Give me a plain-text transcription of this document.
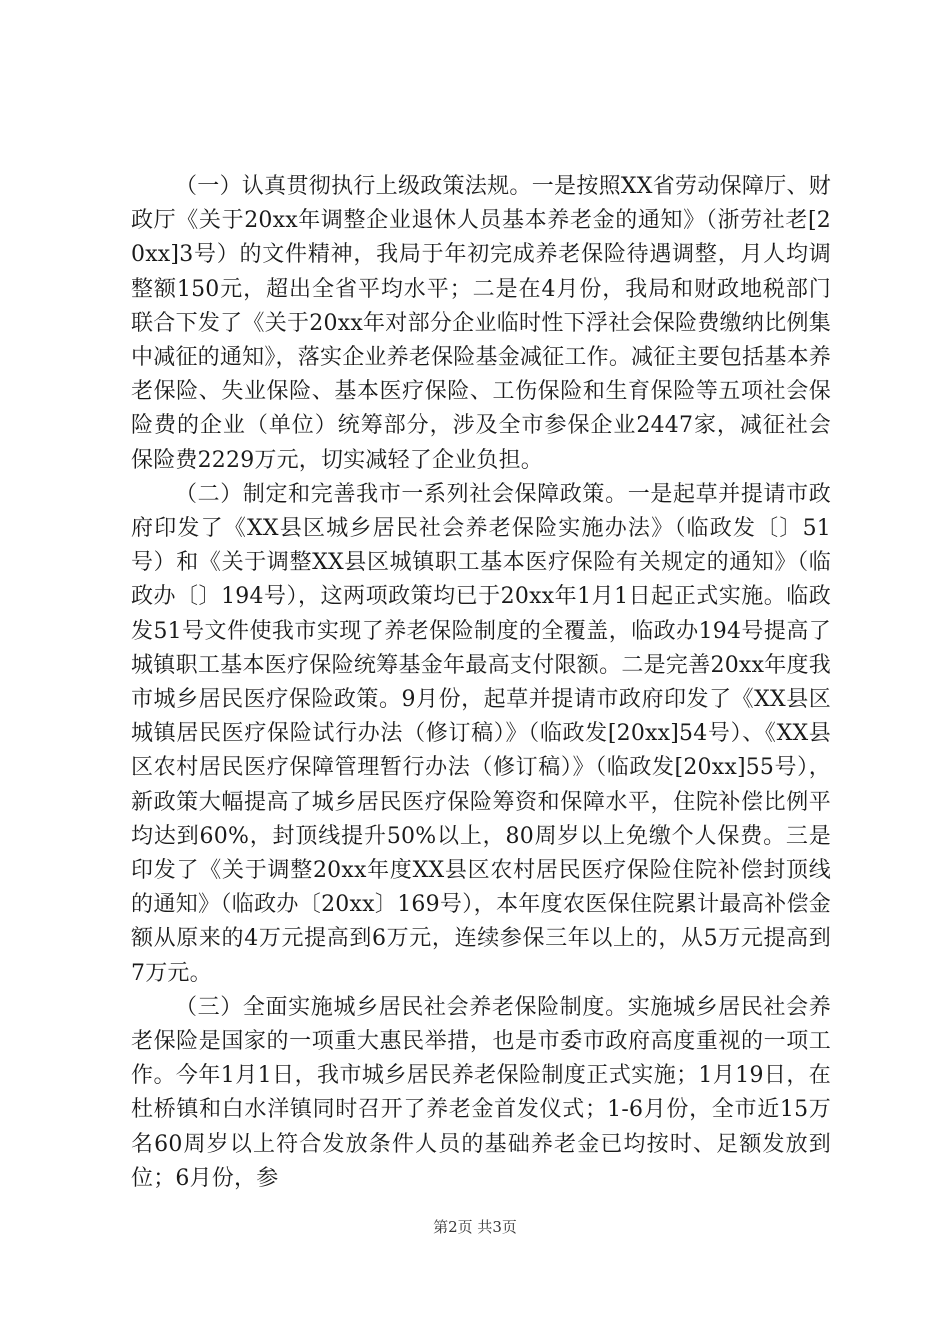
（一）认真贯彻执行上级政策法规。一是按照XX省劳动保障厅、财政厅《关于20xx年调整企业退休人员基本养老金的通知》（浙劳社老[20xx]3号）的文件精神，我局于年初完成养老保险待遇调整，月人均调整额150元，超出全省平均水平；二是在4月份，我局和财政地税部门联合下发了《关于20xx年对部分企业临时性下浮社会保险费缴纳比例集中减征的通知》，落实企业养老保险基金减征工作。减征主要包括基本养老保险、失业保险、基本医疗保险、工伤保险和生育保险等五项社会保险费的企业（单位）统筹部分，涉及全市参保企业2447家，减征社会保险费2229万元，切实减轻了企业负担。

（二）制定和完善我市一系列社会保障政策。一是起草并提请市政府印发了《XX县区城乡居民社会养老保险实施办法》（临政发〔〕51号）和《关于调整XX县区城镇职工基本医疗保险有关规定的通知》（临政办〔〕194号），这两项政策均已于20xx年1月1日起正式实施。临政发51号文件使我市实现了养老保险制度的全覆盖，临政办194号提高了城镇职工基本医疗保险统筹基金年最高支付限额。二是完善20xx年度我市城乡居民医疗保险政策。9月份，起草并提请市政府印发了《XX县区城镇居民医疗保险试行办法（修订稿）》（临政发[20xx]54号）、《XX县区农村居民医疗保障管理暂行办法（修订稿）》（临政发[20xx]55号），新政策大幅提高了城乡居民医疗保险筹资和保障水平，住院补偿比例平均达到60%，封顶线提升50%以上，80周岁以上免缴个人保费。三是印发了《关于调整20xx年度XX县区农村居民医疗保险住院补偿封顶线的通知》（临政办〔20xx〕169号），本年度农医保住院累计最高补偿金额从原来的4万元提高到6万元，连续参保三年以上的，从5万元提高到7万元。

（三）全面实施城乡居民社会养老保险制度。实施城乡居民社会养老保险是国家的一项重大惠民举措，也是市委市政府高度重视的一项工作。今年1月1日，我市城乡居民养老保险制度正式实施；1月19日，在杜桥镇和白水洋镇同时召开了养老金首发仪式；1-6月份，全市近15万名60周岁以上符合发放条件人员的基础养老金已均按时、足额发放到位；6月份，参

第2页 共3页
